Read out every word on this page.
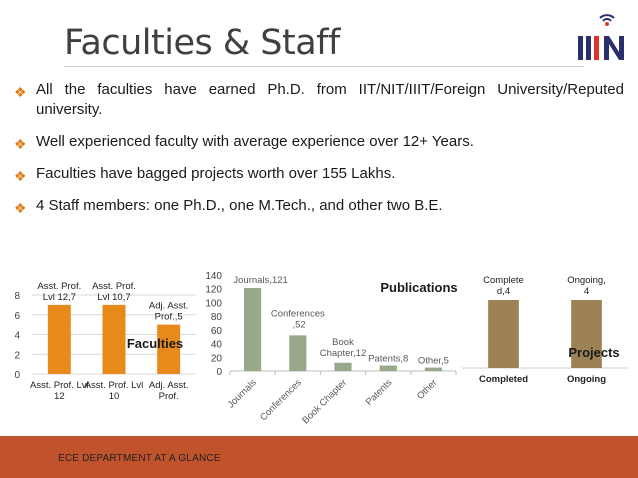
Faculties & Staff
❖ All the faculties have earned Ph.D. from IIT/NIT/IIIT/Foreign University/Reputed university.
❖ Well experienced faculty with average experience over 12+ Years.
❖ Faculties have bagged projects worth over 155 Lakhs.
❖ 4 Staff members: one Ph.D., one M.Tech., and other two B.E.
0
2
4
6
8
Asst. Prof. Lvl 12,7
Asst. Prof. Lvl 12
Asst. Prof. Lvl 10,7
Asst. Prof. Lvl 10
Adj. Asst. Prof.,5
Adj. Asst. Prof.
Faculties
0
20
40
60
80
100
120
140 Journals,121
Journals
Conferences ,52
Conferences
Book Chapter,12
Book Chapter
Patents,8
Patents
Other,5
Other
Publications	Complete d,4
Completed
Ongoing, 4
Ongoing
Projects
ECE DEPARTMENT AT A GLANCE
